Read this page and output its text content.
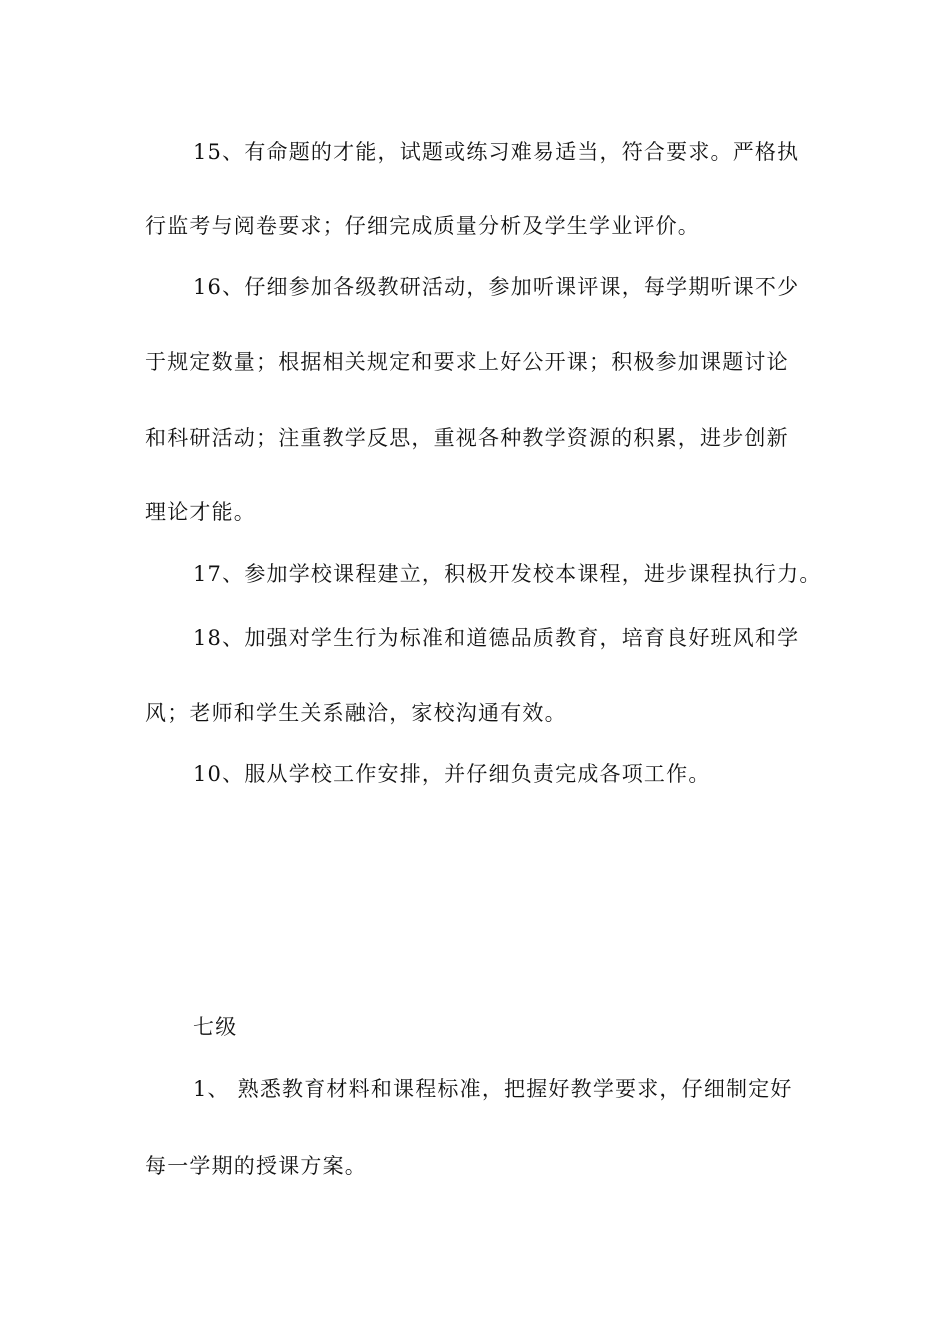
15、有命题的才能，试题或练习难易适当，符合要求。严格执
行监考与阅卷要求；仔细完成质量分析及学生学业评价。
16、仔细参加各级教研活动，参加听课评课，每学期听课不少
于规定数量；根据相关规定和要求上好公开课；积极参加课题讨论
和科研活动；注重教学反思，重视各种教学资源的积累，进步创新
理论才能。
17、参加学校课程建立，积极开发校本课程，进步课程执行力。
18、加强对学生行为标准和道德品质教育，培育良好班风和学
风；老师和学生关系融洽，家校沟通有效。
10、服从学校工作安排，并仔细负责完成各项工作。
七级
1、 熟悉教育材料和课程标准，把握好教学要求，仔细制定好
每一学期的授课方案。
